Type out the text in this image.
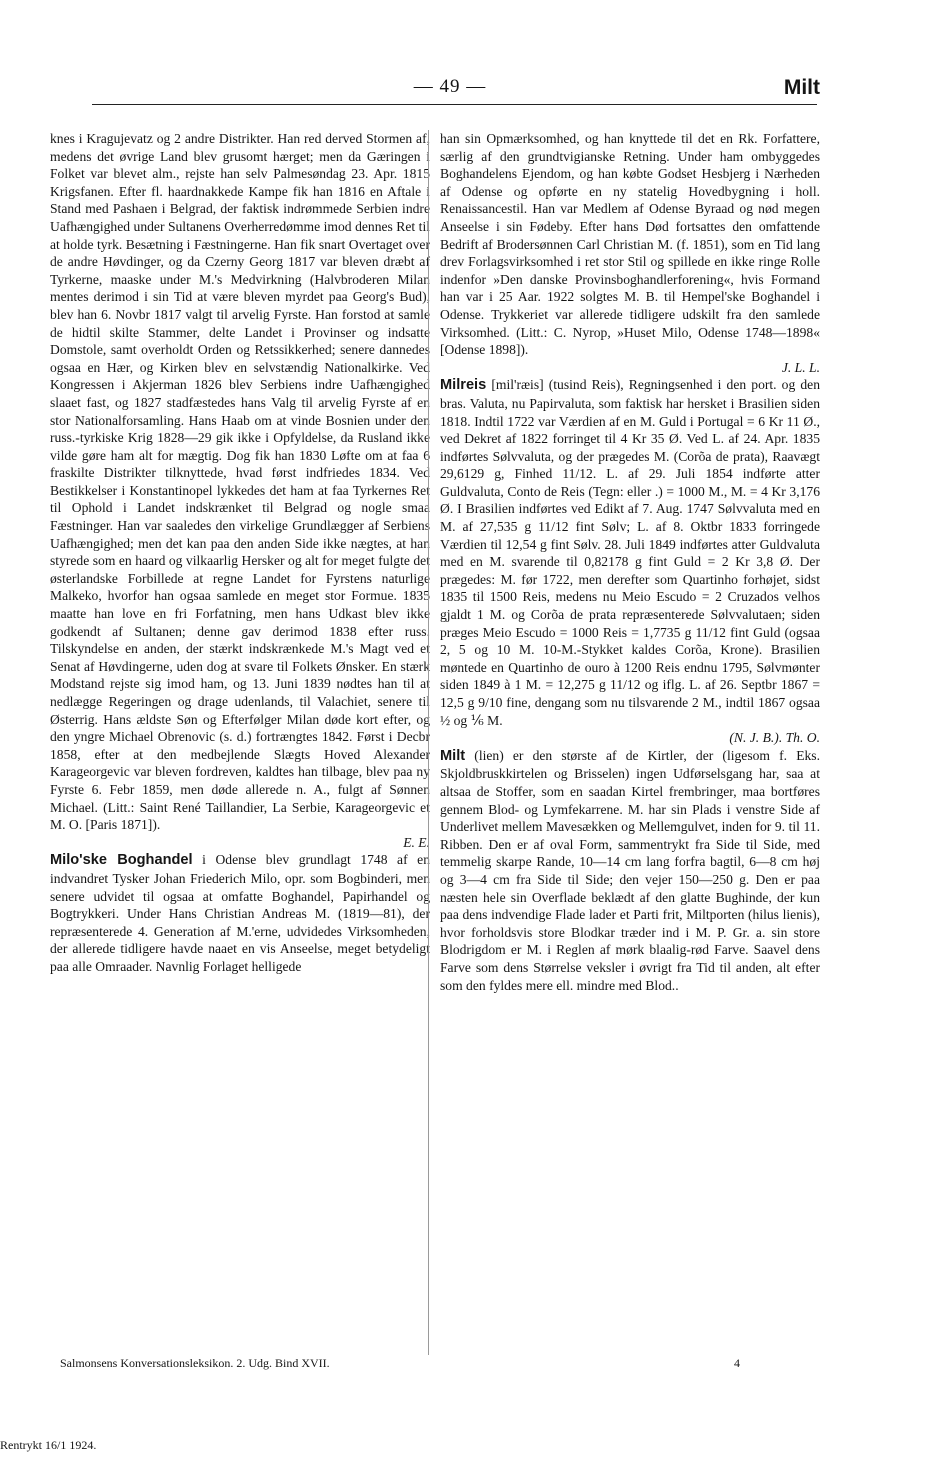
— 49 —	Milt

knes i Kragujevatz og 2 andre Distrikter. Han red derved Stormen af, medens det øvrige Land blev grusomt hærget; men da Gæringen i Folket var blevet alm., rejste han selv Palmesøndag 23. Apr. 1815 Krigsfanen. Efter fl. haardnakkede Kampe fik han 1816 en Aftale i Stand med Pashaen i Belgrad, der faktisk indrømmede Serbien indre Uafhængighed under Sultanens Overherredømme imod dennes Ret til at holde tyrk. Besætning i Fæstningerne. Han fik snart Overtaget over de andre Høvdinger, og da Czerny Georg 1817 var bleven dræbt af Tyrkerne, maaske under M.'s Medvirkning (Halvbroderen Milan mentes derimod i sin Tid at være bleven myrdet paa Georg's Bud), blev han 6. Novbr 1817 valgt til arvelig Fyrste. Han forstod at samle de hidtil skilte Stammer, delte Landet i Provinser og indsatte Domstole, samt overholdt Orden og Retssikkerhed; senere dannedes ogsaa en Hær, og Kirken blev en selvstændig Nationalkirke. Ved Kongressen i Akjerman 1826 blev Serbiens indre Uafhængighed slaaet fast, og 1827 stadfæstedes hans Valg til arvelig Fyrste af en stor Nationalforsamling. Hans Haab om at vinde Bosnien under den russ.-tyrkiske Krig 1828—29 gik ikke i Opfyldelse, da Rusland ikke vilde gøre ham alt for mægtig. Dog fik han 1830 Løfte om at faa 6 fraskilte Distrikter tilknyttede, hvad først indfriedes 1834. Ved Bestikkelser i Konstantinopel lykkedes det ham at faa Tyrkernes Ret til Ophold i Landet indskrænket til Belgrad og nogle smaa Fæstninger. Han var saaledes den virkelige Grundlægger af Serbiens Uafhængighed; men det kan paa den anden Side ikke nægtes, at han styrede som en haard og vilkaarlig Hersker og alt for meget fulgte det østerlandske Forbillede at regne Landet for Fyrstens naturlige Malkeko, hvorfor han ogsaa samlede en meget stor Formue. 1835 maatte han love en fri Forfatning, men hans Udkast blev ikke godkendt af Sultanen; denne gav derimod 1838 efter russ. Tilskyndelse en anden, der stærkt indskrænkede M.'s Magt ved et Senat af Høvdingerne, uden dog at svare til Folkets Ønsker. En stærk Modstand rejste sig imod ham, og 13. Juni 1839 nødtes han til at nedlægge Regeringen og drage udenlands, til Valachiet, senere til Østerrig. Hans ældste Søn og Efterfølger Milan døde kort efter, og den yngre Michael Obrenovic (s. d.) fortrængtes 1842. Først i Decbr 1858, efter at den medbejlende Slægts Hoved Alexander Karageorgevic var bleven fordreven, kaldtes han tilbage, blev paa ny Fyrste 6. Febr 1859, men døde allerede n. A., fulgt af Sønnen Michael. (Litt.: Saint René Taillandier, La Serbie, Karageorgevic et M. O. [Paris 1871]).

E. E.

Milo'ske Boghandel i Odense blev grundlagt 1748 af en indvandret Tysker Johan Friederich Milo, opr. som Bogbinderi, men senere udvidet til ogsaa at omfatte Boghandel, Papirhandel og Bogtrykkeri. Under Hans Christian Andreas M. (1819—81), der repræsenterede 4. Generation af M.'erne, udvidedes Virksomheden, der allerede tidligere havde naaet en vis Anseelse, meget betydeligt paa alle Omraader. Navnlig Forlaget helligede

han sin Opmærksomhed, og han knyttede til det en Rk. Forfattere, særlig af den grundtvigianske Retning. Under ham ombyggedes Boghandelens Ejendom, og han købte Godset Hesbjerg i Nærheden af Odense og opførte en ny statelig Hovedbygning i holl. Renaissancestil. Han var Medlem af Odense Byraad og nød megen Anseelse i sin Fødeby. Efter hans Død fortsattes den omfattende Bedrift af Brodersønnen Carl Christian M. (f. 1851), som en Tid lang drev Forlagsvirksomhed i ret stor Stil og spillede en ikke ringe Rolle indenfor »Den danske Provinsboghandlerforening«, hvis Formand han var i 25 Aar. 1922 solgtes M. B. til Hempel'ske Boghandel i Odense. Trykkeriet var allerede tidligere udskilt fra den samlede Virksomhed. (Litt.: C. Nyrop, »Huset Milo, Odense 1748—1898« [Odense 1898]).

J. L. L.

Milreis [mil'ræis] (tusind Reis), Regningsenhed i den port. og den bras. Valuta, nu Papirvaluta, som faktisk har hersket i Brasilien siden 1818. Indtil 1722 var Værdien af en M. Guld i Portugal = 6 Kr 11 Ø., ved Dekret af 1822 forringet til 4 Kr 35 Ø. Ved L. af 24. Apr. 1835 indførtes Sølvvaluta, og der prægedes M. (Corõa de prata), Raavægt 29,6129 g, Finhed 11/12. L. af 29. Juli 1854 indførte atter Guldvaluta, Conto de Reis (Tegn: eller .) = 1000 M., M. = 4 Kr 3,176 Ø. I Brasilien indførtes ved Edikt af 7. Aug. 1747 Sølvvaluta med en M. af 27,535 g 11/12 fint Sølv; L. af 8. Oktbr 1833 forringede Værdien til 12,54 g fint Sølv. 28. Juli 1849 indførtes atter Guldvaluta med en M. svarende til 0,82178 g fint Guld = 2 Kr 3,8 Ø. Der prægedes: M. før 1722, men derefter som Quartinho forhøjet, sidst 1835 til 1500 Reis, medens nu Meio Escudo = 2 Cruzados velhos gjaldt 1 M. og Corõa de prata repræsenterede Sølvvalutaen; siden præges Meio Escudo = 1000 Reis = 1,7735 g 11/12 fint Guld (ogsaa 2, 5 og 10 M. 10-M.-Stykket kaldes Corõa, Krone). Brasilien møntede en Quartinho de ouro à 1200 Reis endnu 1795, Sølvmønter siden 1849 à 1 M. = 12,275 g 11/12 og iflg. L. af 26. Septbr 1867 = 12,5 g 9/10 fine, dengang som nu tilsvarende 2 M., indtil 1867 ogsaa ½ og ⅙ M.

(N. J. B.). Th. O.

Milt (lien) er den største af de Kirtler, der (ligesom f. Eks. Skjoldbruskkirtelen og Brisselen) ingen Udførselsgang har, saa at altsaa de Stoffer, som en saadan Kirtel frembringer, maa bortføres gennem Blod- og Lymfekarrene. M. har sin Plads i venstre Side af Underlivet mellem Mavesækken og Mellemgulvet, inden for 9. til 11. Ribben. Den er af oval Form, sammentrykt fra Side til Side, med temmelig skarpe Rande, 10—14 cm lang forfra bagtil, 6—8 cm høj og 3—4 cm fra Side til Side; den vejer 150—250 g. Den er paa næsten hele sin Overflade beklædt af den glatte Bughinde, der kun paa dens indvendige Flade lader et Parti frit, Miltporten (hilus lienis), hvor forholdsvis store Blodkar træder ind i M. P. Gr. a. sin store Blodrigdom er M. i Reglen af mørk blaalig-rød Farve. Saavel dens Farve som dens Størrelse veksler i øvrigt fra Tid til anden, alt efter som den fyldes mere ell. mindre med Blod..

Salmonsens Konversationsleksikon. 2. Udg. Bind XVII.	4
Rentrykt 16/1 1924.
